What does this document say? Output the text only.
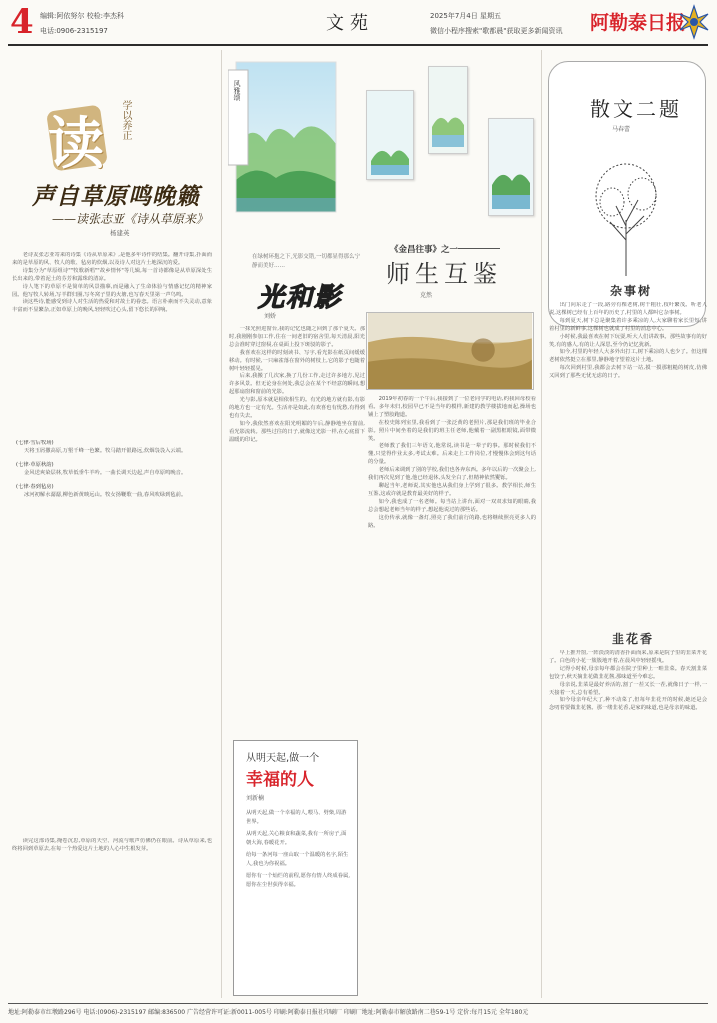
4 编辑:阿依努尔 校检:李杰科
电话:0906-2315197	文苑	2025年7月4日 星期五
微信小程序搜索"歌都晨"获取更多新闻资讯 阿勒泰日报
读 学以养正
声自草原鸣晚籁
——读张志亚《诗从草原来》
杨建英

老诗友张志亚寄来的诗集《诗从草原来》,是他多年诗作的结集。翻开诗集,扑面而来的是草原的风、牧人的歌、毡房的炊烟,以及诗人对这片土地深沉的爱。

诗集分为"草原组诗""牧歌新唱""故乡情怀"等几辑,每一首诗都像是从草原深处生长出来的,带着泥土的芬芳和露珠的清凉。

诗人笔下的草原不是简单的风景描摹,而是融入了生命体验与情感记忆的精神家园。他写牧人转场,写羊群归圈,写冬窝子里的火塘,也写春天里第一声鸟鸣。

读这些诗,能感受到诗人对生活的热爱和对故土的眷恋。语言朴素而不失灵动,意象丰富而不显繁杂,正如草原上的晚风,轻轻吹过心头,留下悠长的回响。

(七律·雪后牧场)
天将玉屑撒高原,万壑千峰一色繁。牧马踏开银路远,炊烟袅袅入云端。
(七律·草原秋韵)
金风送爽染层林,牧草低垂牛羊吟。一曲长调天边起,声自草原鸣晚音。
(七律·春到毡房)
冰河初解水潺潺,柳色新黄映远山。牧女扬鞭歌一曲,春风吹绿到毡前。

读完这部诗集,掩卷沉思,草原的天空、河流与歌声仿佛仍在眼前。诗从草原来,也终将回到草原去,在每一个热爱这片土地的人心中生根发芽。

风雅颂
在绿树环抱之下,光影交错,一切都显得那么宁静而美好……
光和影
刘娇

一抹光照进窗台,我的记忆也随之回到了那个夏天。那时,我刚刚参加工作,住在一间老旧的宿舍里,每天清晨,阳光总会准时穿过窗棂,在桌面上投下斑驳的影子。

我喜欢在这样的时刻读书、写字,看光影在纸页间缓缓移动。有时候,一只麻雀落在窗外的树枝上,它的影子也随着树叶轻轻摇晃。

后来,我搬了几次家,换了几份工作,走过许多地方,见过许多风景。但无论身在何处,我总会在某个不经意的瞬间,想起那扇窗和窗前的光影。

光与影,原本就是相依相生的。有光的地方就有影,有影的地方也一定有光。生活亦是如此,有欢喜也有忧愁,有得到也有失去。

如今,我依然喜欢在阳光明媚的午后,静静地坐在窗前,看光影流转。那些过往的日子,就像这光影一样,在心底留下温暖的印记。

从明天起,做一个
幸福的人
刘新楠

从明天起,做一个幸福的人,喂马、劈柴,周游世界。

从明天起,关心粮食和蔬菜,我有一所房子,面朝大海,春暖花开。

给每一条河每一座山取一个温暖的名字,陌生人,我也为你祝福。

愿你有一个灿烂的前程,愿你有情人终成眷属,愿你在尘世获得幸福。

《金昌往事》之一
师生互鉴
克然

2019年初春的一个午后,我接到了一位老同学的电话,约我回母校看看。多年未归,校园早已不是当年的模样,新建的教学楼拔地而起,操场也铺上了塑胶跑道。

在校史陈列室里,我看到了一张泛黄的老照片,那是我们班的毕业合影。照片中间坐着的是我们的班主任老师,他戴着一副黑框眼镜,面带微笑。

老师教了我们三年语文,他常说,读书是一辈子的事。那时候我们不懂,只觉得作业太多,考试太难。后来走上工作岗位,才慢慢体会到这句话的分量。

老师后来调到了别的学校,我们也各奔东西。多年以后的一次聚会上,我们再次见到了他,他已经退休,头发全白了,但精神依然矍铄。

聊起当年,老师说,其实他也从我们身上学到了很多。教学相长,师生互鉴,这或许就是教育最美好的样子。

如今,我也成了一名老师。每当站上讲台,面对一双双求知的眼睛,我总会想起老师当年的样子,想起他说过的那些话。

这份传承,就像一盏灯,照亮了我们前行的路,也将继续照亮更多人的路。

散文二题
马春蕾
杂事树

出门向东走了一段,路旁有棵老树,树干粗壮,枝叶繁茂。听老人说,这棵树已经有上百年的历史了,村里的人都叫它杂事树。

每到夏天,树下总是聚集着许多乘凉的人,大家聊着家长里短,讲着村里的新鲜事,这棵树也就成了村里的消息中心。

小时候,我最喜欢在树下玩耍,听大人们讲故事。那些故事有的好笑,有的感人,有的让人深思,至今仍记忆犹新。

如今,村里的年轻人大多外出打工,树下乘凉的人也少了。但这棵老树依然挺立在那里,静静地守望着这片土地。

每次回到村里,我都会去树下站一站,摸一摸那粗糙的树皮,仿佛又回到了那些无忧无虑的日子。

韭花香

早上推开窗,一阵淡淡的清香扑面而来,原来是院子里的韭菜开花了。白色的小花一簇簇地开着,在晨风中轻轻摇曳。

记得小时候,母亲每年都会在院子里种上一畦韭菜。春天割韭菜包饺子,秋天摘韭花做韭花酱,那味道至今难忘。

母亲说,韭菜是最好养活的,割了一茬又长一茬,就像日子一样,一天接着一天,总有希望。

如今母亲年纪大了,种不动菜了,但每年韭花开的时候,她还是会念叨着要做韭花酱。那一缕韭花香,是家的味道,也是母亲的味道。

地址:阿勒泰市红墩路296号 电话:(0906)-2315197 邮编:836500 广告经营许可证:新0011-005号 印刷:阿勒泰日报社印刷厂 印刷厂地址:阿勒泰市解放路南二巷59-1号 定价:每月15元 全年180元
